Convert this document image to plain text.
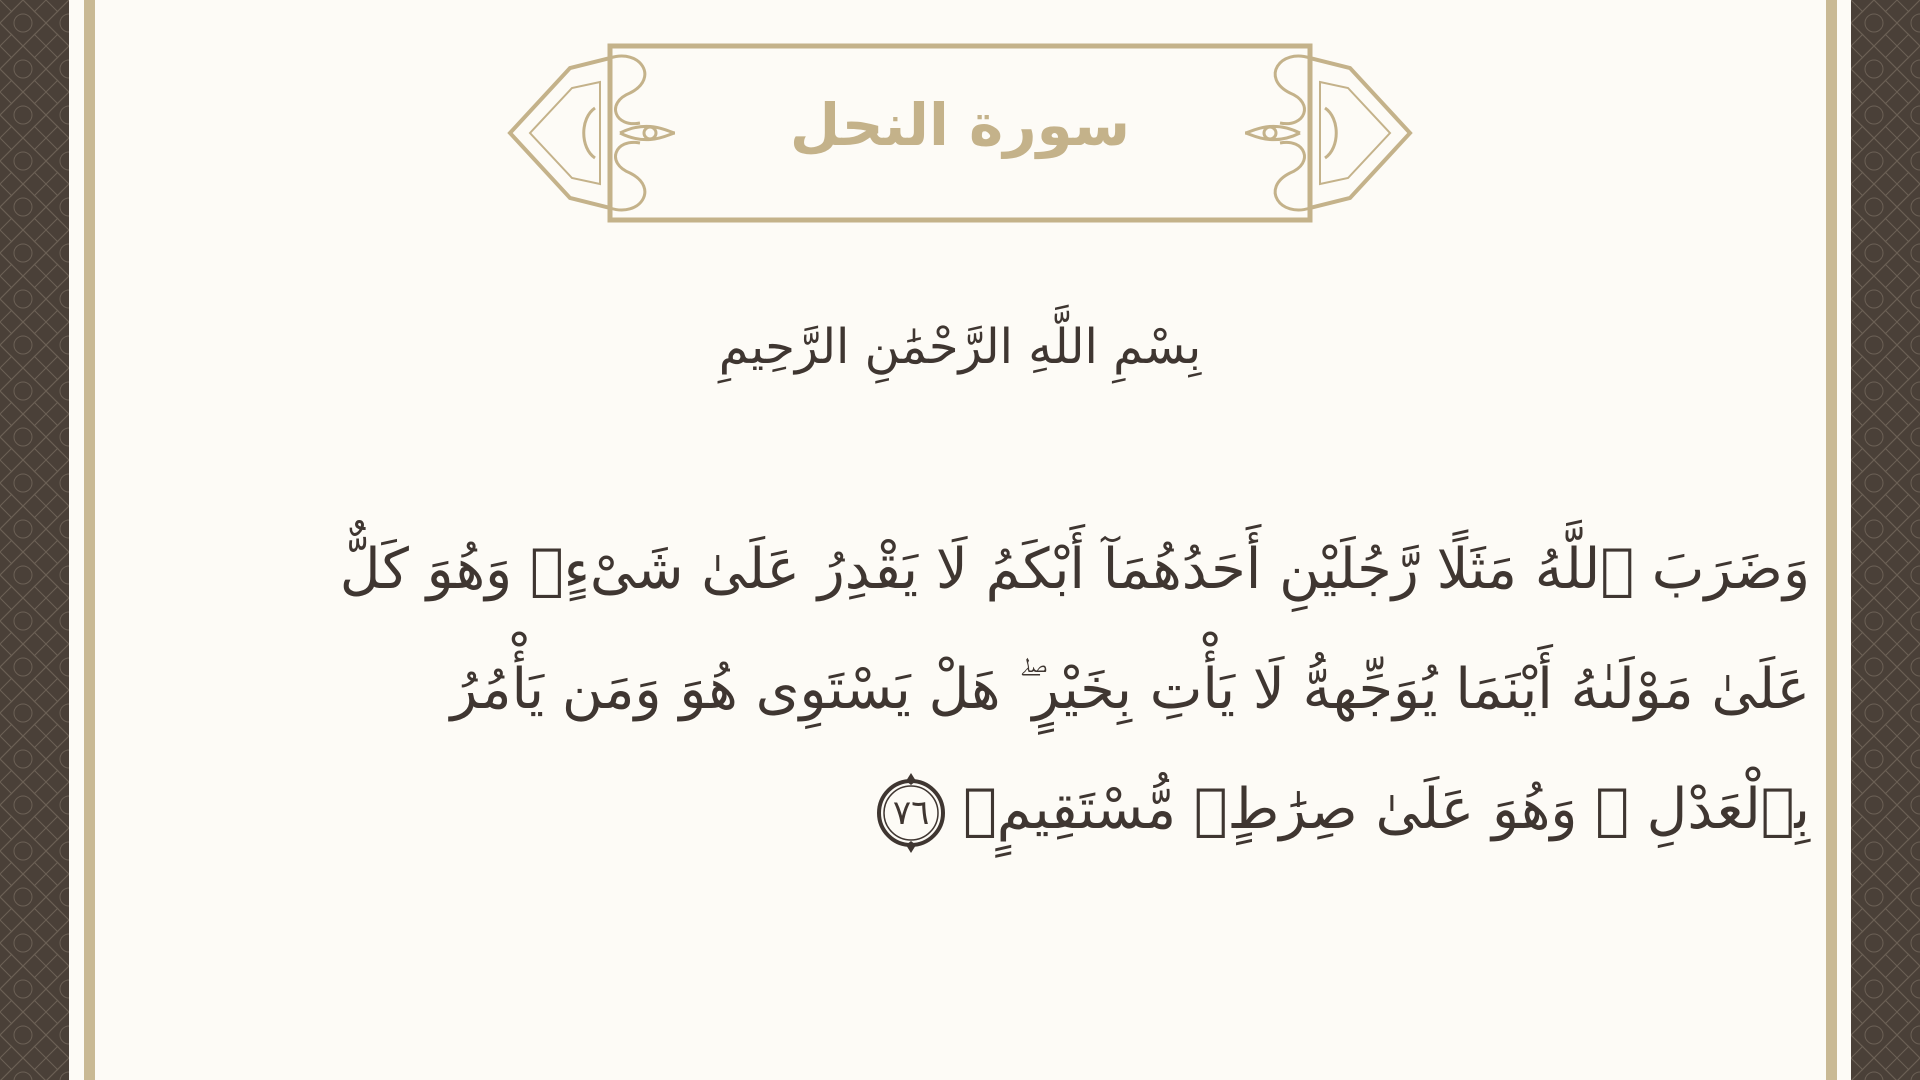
سورة النحل
بِسْمِ اللَّهِ الرَّحْمَٰنِ الرَّحِيمِ
وَضَرَبَ ٱللَّهُ مَثَلًا رَّجُلَيْنِ أَحَدُهُمَآ أَبْكَمُ لَا يَقْدِرُ عَلَىٰ شَىْءٍۢ وَهُوَ كَلٌّ
عَلَىٰ مَوْلَىٰهُ أَيْنَمَا يُوَجِّههُّ لَا يَأْتِ بِخَيْرٍ ۖ هَلْ يَسْتَوِى هُوَ وَمَن يَأْمُرُ
بِٱلْعَدْلِ ۙ وَهُوَ عَلَىٰ صِرَٰطٍۢ مُّسْتَقِيمٍۢ
٧٦
